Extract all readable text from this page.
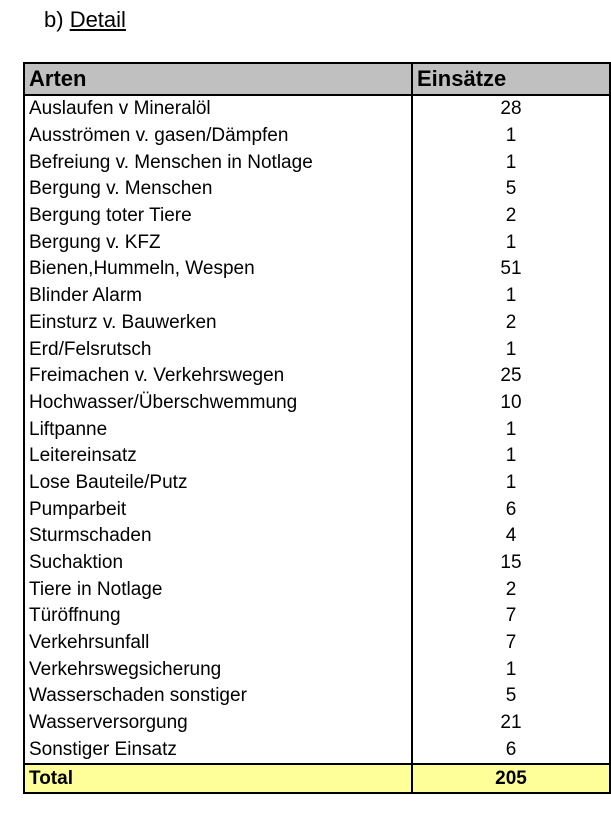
b) Detail
Arten	Einsätze
Auslaufen v Mineralöl	28
Ausströmen v. gasen/Dämpfen	1
Befreiung v. Menschen in Notlage	1
Bergung v. Menschen	5
Bergung toter Tiere	2
Bergung v. KFZ	1
Bienen,Hummeln, Wespen	51
Blinder Alarm	1
Einsturz v. Bauwerken	2
Erd/Felsrutsch	1
Freimachen v. Verkehrswegen	25
Hochwasser/Überschwemmung	10
Liftpanne	1
Leitereinsatz	1
Lose Bauteile/Putz	1
Pumparbeit	6
Sturmschaden	4
Suchaktion	15
Tiere in Notlage	2
Türöffnung	7
Verkehrsunfall	7
Verkehrswegsicherung	1
Wasserschaden sonstiger	5
Wasserversorgung	21
Sonstiger Einsatz	6
Total	205
